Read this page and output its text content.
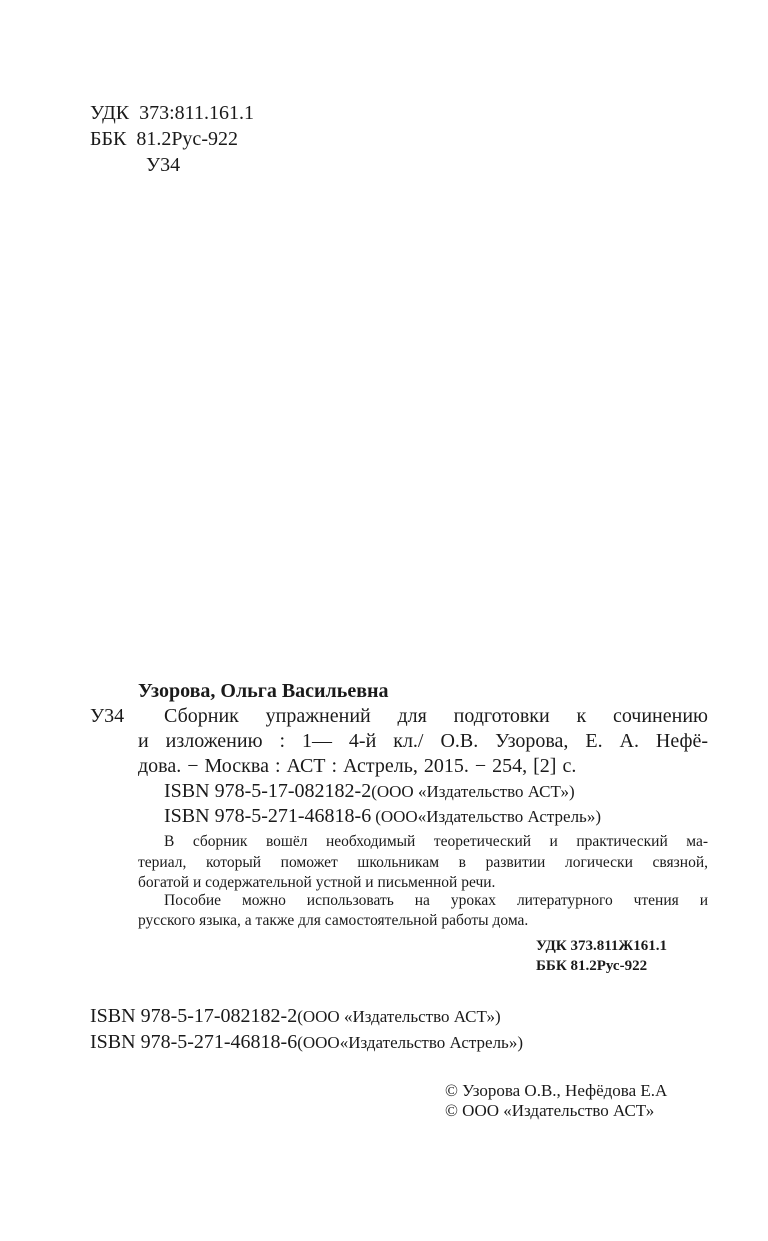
УДК 373:811.161.1
ББК 81.2Рус-922
У34
Узорова, Ольга Васильевна
У34 Сборник упражнений для подготовки к сочинению
и изложению : 1— 4-й кл./ О.В. Узорова, Е. А. Нефё-
дова. − Москва : АСТ : Астрель, 2015. − 254, [2] с.
ISBN 978-5-17-082182-2(ООО «Издательство АСТ»)
ISBN 978-5-271-46818-6 (ООО«Издательство Астрель»)
В сборник вошёл необходимый теоретический и практический ма-
териал, который поможет школьникам в развитии логически связной,
богатой и содержательной устной и письменной речи.
Пособие можно использовать на уроках литературного чтения и
русского языка, а также для самостоятельной работы дома.
УДК 373.811Ж161.1
ББК 81.2Рус-922
ISBN 978-5-17-082182-2(ООО «Издательство АСТ»)
ISBN 978-5-271-46818-6(ООО«Издательство Астрель»)
© Узорова О.В., Нефёдова Е.А
© ООО «Издательство АСТ»
